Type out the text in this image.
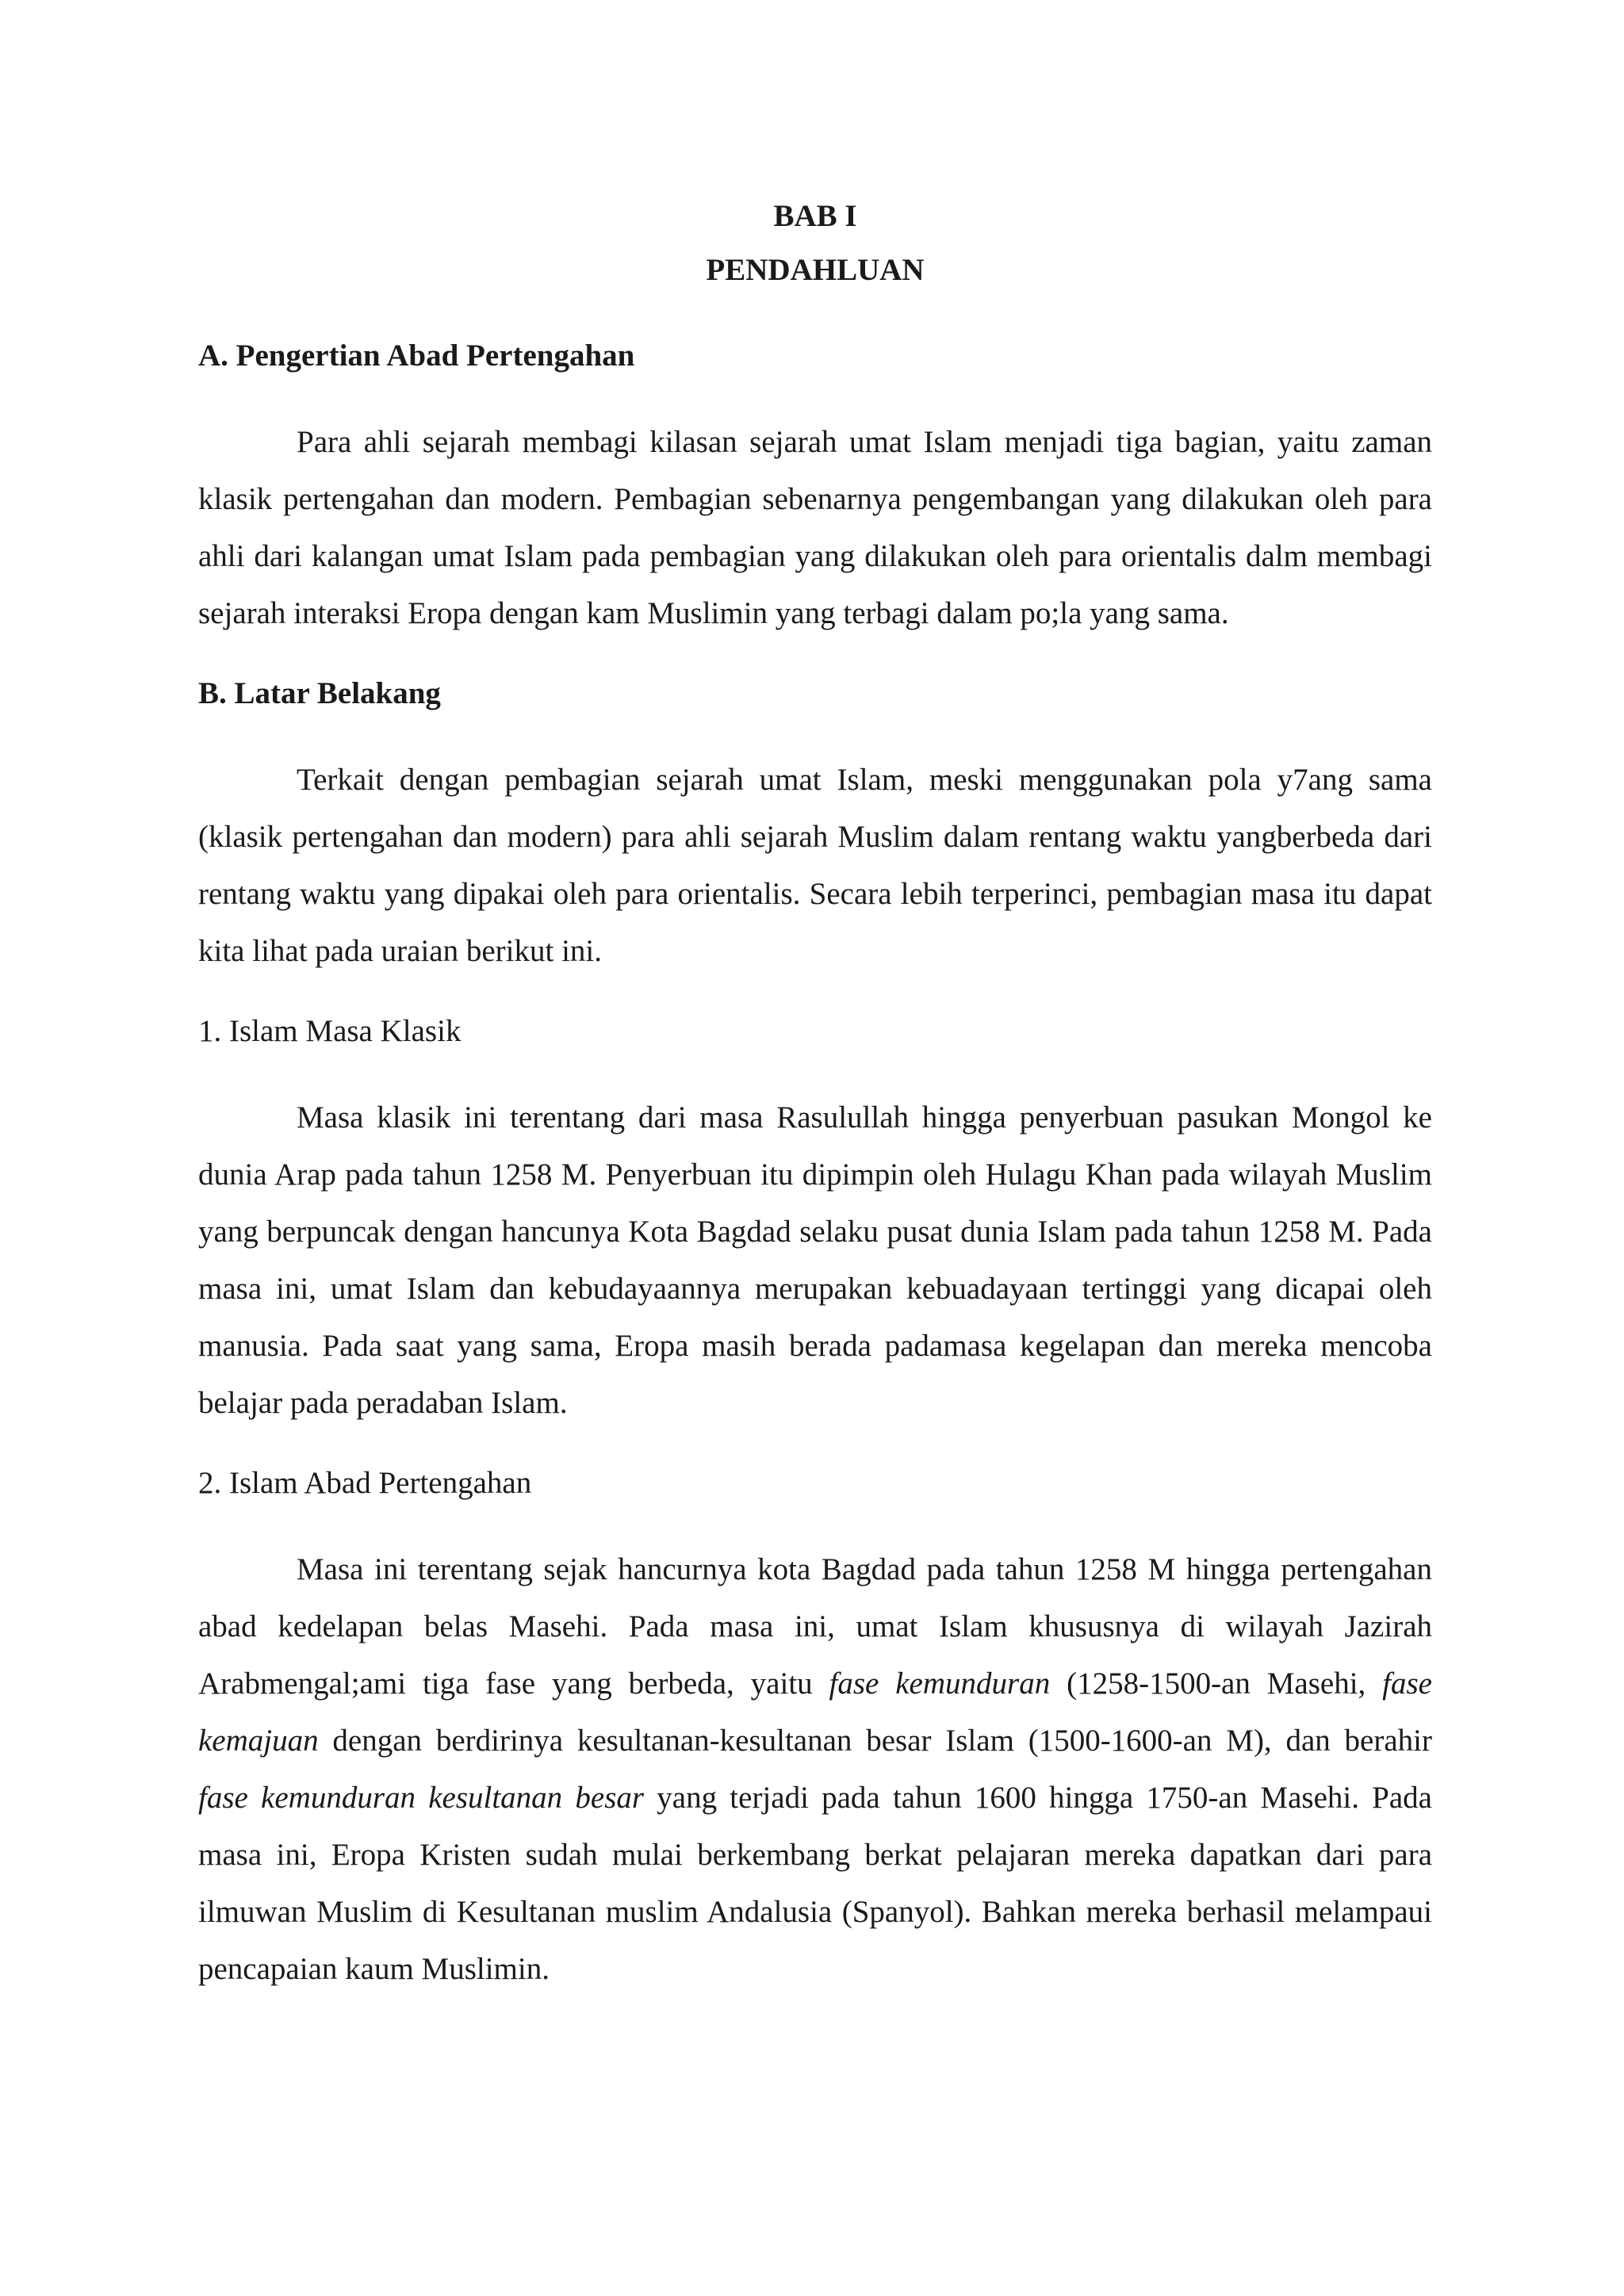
BAB I
PENDAHLUAN
A. Pengertian Abad Pertengahan

Para ahli sejarah membagi kilasan sejarah umat Islam menjadi tiga bagian, yaitu zaman klasik pertengahan dan modern. Pembagian sebenarnya pengembangan yang dilakukan oleh para ahli dari kalangan umat Islam pada pembagian yang dilakukan oleh para orientalis dalm membagi sejarah interaksi Eropa dengan kam Muslimin yang terbagi dalam po;la yang sama.

B. Latar Belakang

Terkait dengan pembagian sejarah umat Islam, meski menggunakan pola y7ang sama (klasik pertengahan dan modern) para ahli sejarah Muslim dalam rentang waktu yangberbeda dari rentang waktu yang dipakai oleh para orientalis. Secara lebih terperinci, pembagian masa itu dapat kita lihat pada uraian berikut ini.

1. Islam Masa Klasik

Masa klasik ini terentang dari masa Rasulullah hingga penyerbuan pasukan Mongol ke dunia Arap pada tahun 1258 M. Penyerbuan itu dipimpin oleh Hulagu Khan pada wilayah Muslim yang berpuncak dengan hancunya Kota Bagdad selaku pusat dunia Islam pada tahun 1258 M. Pada masa ini, umat Islam dan kebudayaannya merupakan kebuadayaan tertinggi yang dicapai oleh manusia. Pada saat yang sama, Eropa masih berada padamasa kegelapan dan mereka mencoba belajar pada peradaban Islam.

2. Islam Abad Pertengahan

Masa ini terentang sejak hancurnya kota Bagdad pada tahun 1258 M hingga pertengahan abad kedelapan belas Masehi. Pada masa ini, umat Islam khususnya di wilayah Jazirah Arabmengal;ami tiga fase yang berbeda, yaitu fase kemunduran (1258-1500-an Masehi, fase kemajuan dengan berdirinya kesultanan-kesultanan besar Islam (1500-1600-an M), dan berahir fase kemunduran kesultanan besar yang terjadi pada tahun 1600 hingga 1750-an Masehi. Pada masa ini, Eropa Kristen sudah mulai berkembang berkat pelajaran mereka dapatkan dari para ilmuwan Muslim di Kesultanan muslim Andalusia (Spanyol). Bahkan mereka berhasil melampaui pencapaian kaum Muslimin.
